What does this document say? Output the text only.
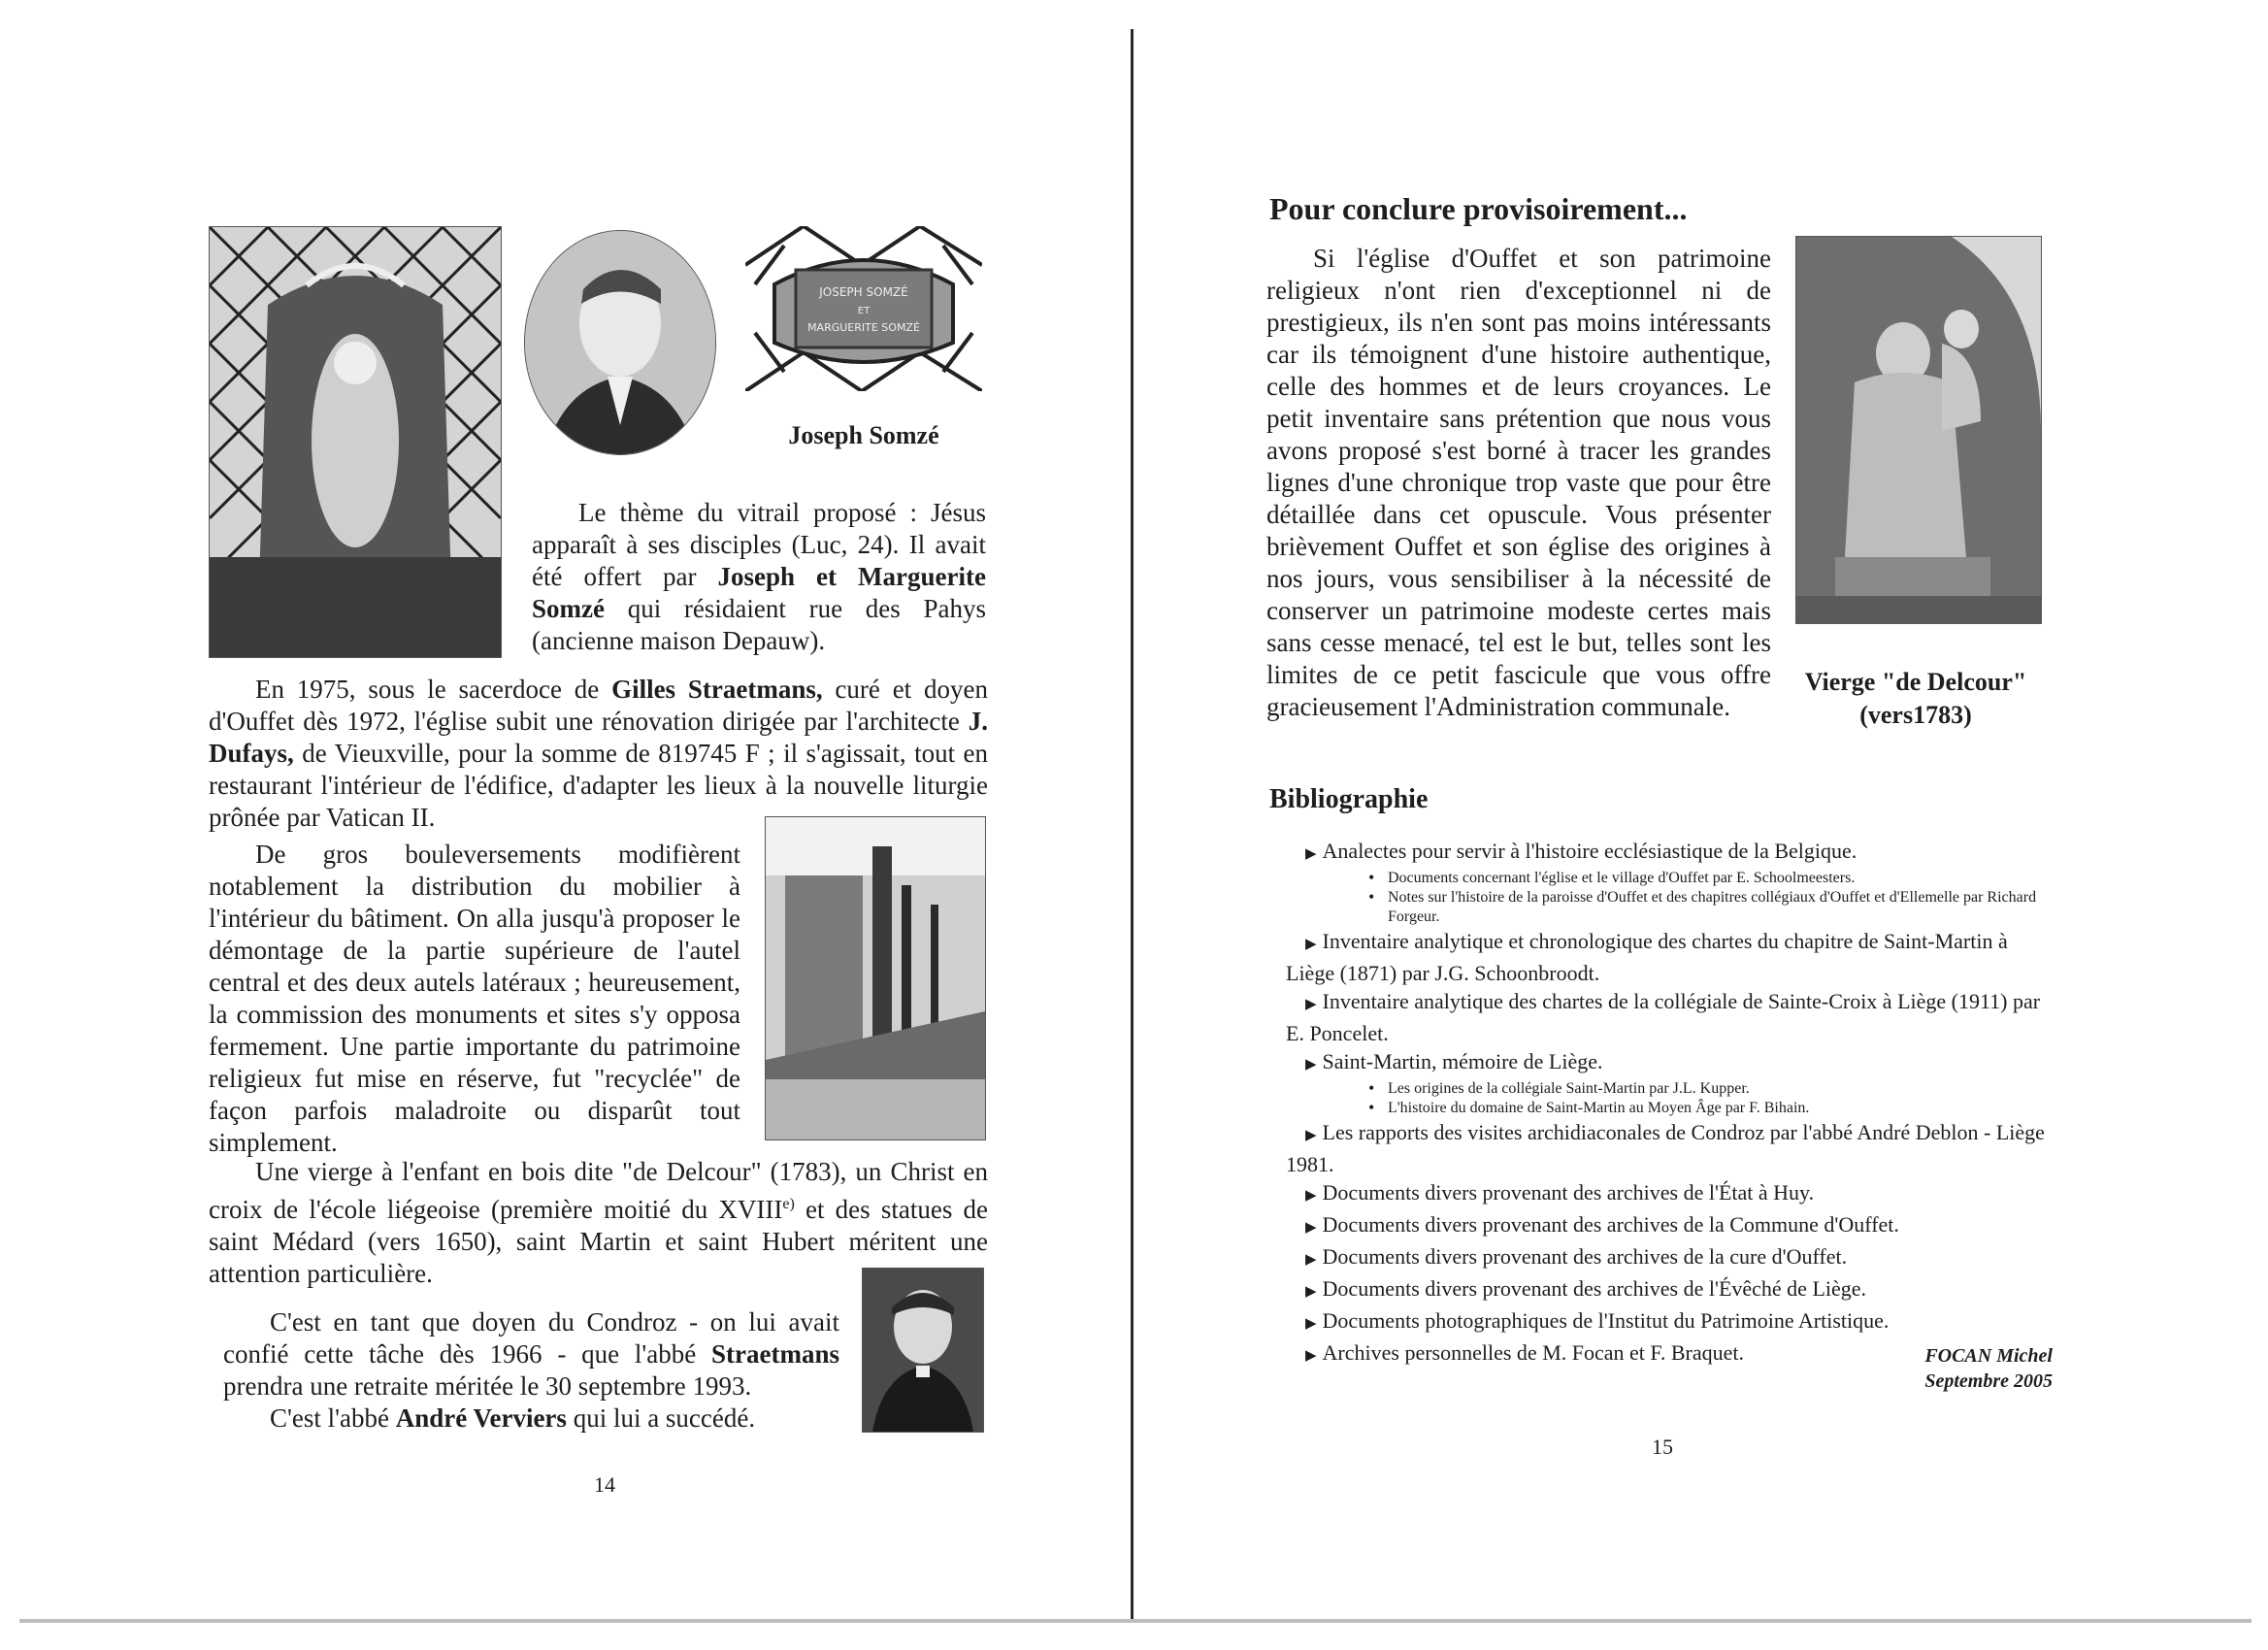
JOSEPH SOMZÉ
ET
MARGUERITE SOMZÉ
Joseph Somzé

Le thème du vitrail proposé : Jésus apparaît à ses disciples (Luc, 24). Il avait été offert par Joseph et Marguerite Somzé qui résidaient rue des Pahys (ancienne maison Depauw).

En 1975, sous le sacerdoce de Gilles Straetmans, curé et doyen d'Ouffet dès 1972, l'église subit une rénovation dirigée par l'architecte J. Dufays, de Vieuxville, pour la somme de 819745 F ; il s'agissait, tout en restaurant l'intérieur de l'édifice, d'adapter les lieux à la nouvelle liturgie prônée par Vatican II.

De gros bouleversements modifièrent notablement la distribution du mobilier à l'intérieur du bâtiment. On alla jusqu'à proposer le démontage de la partie supérieure de l'autel central et des deux autels latéraux ; heureusement, la commission des monuments et sites s'y opposa fermement. Une partie importante du patrimoine religieux fut mise en réserve, fut "recyclée" de façon parfois maladroite ou disparût tout simplement.

Une vierge à l'enfant en bois dite "de Delcour" (1783), un Christ en croix de l'école liégeoise (première moitié du XVIII$^{e)}$ et des statues de saint Médard (vers 1650), saint Martin et saint Hubert méritent une attention particulière.

C'est en tant que doyen du Condroz - on lui avait confié cette tâche dès 1966 - que l'abbé Straetmans prendra une retraite méritée le 30 septembre 1993.

C'est l'abbé André Verviers qui lui a succédé.

14
Pour conclure provisoirement...

Si l'église d'Ouffet et son patrimoine religieux n'ont rien d'exceptionnel ni de prestigieux, ils n'en sont pas moins intéressants car ils témoignent d'une histoire authentique, celle des hommes et de leurs croyances. Le petit inventaire sans prétention que nous vous avons proposé s'est borné à tracer les grandes lignes d'une chronique trop vaste que pour être détaillée dans cet opuscule. Vous présenter brièvement Ouffet et son église des origines à nos jours, vous sensibiliser à la nécessité de conserver un patrimoine modeste certes mais sans cesse menacé, tel est le but, telles sont les limites de ce petit fascicule que vous offre gracieusement l'Administration communale.

Vierge "de Delcour"
(vers1783)
Bibliographie

▶ Analectes pour servir à l'histoire ecclésiastique de la Belgique.

• Documents concernant l'église et le village d'Ouffet par E. Schoolmeesters.

• Notes sur l'histoire de la paroisse d'Ouffet et des chapitres collégiaux d'Ouffet et d'Ellemelle par Richard Forgeur.

▶ Inventaire analytique et chronologique des chartes du chapitre de Saint-Martin à Liège (1871) par J.G. Schoonbroodt.

▶ Inventaire analytique des chartes de la collégiale de Sainte-Croix à Liège (1911) par E. Poncelet.

▶ Saint-Martin, mémoire de Liège.

• Les origines de la collégiale Saint-Martin par J.L. Kupper.

• L'histoire du domaine de Saint-Martin au Moyen Âge par F. Bihain.

▶ Les rapports des visites archidiaconales de Condroz par l'abbé André Deblon - Liège 1981.

▶ Documents divers provenant des archives de l'État à Huy.

▶ Documents divers provenant des archives de la Commune d'Ouffet.

▶ Documents divers provenant des archives de la cure d'Ouffet.

▶ Documents divers provenant des archives de l'Évêché de Liège.

▶ Documents photographiques de l'Institut du Patrimoine Artistique.

▶ Archives personnelles de M. Focan et F. Braquet.	FOCAN Michel
Septembre 2005
15
